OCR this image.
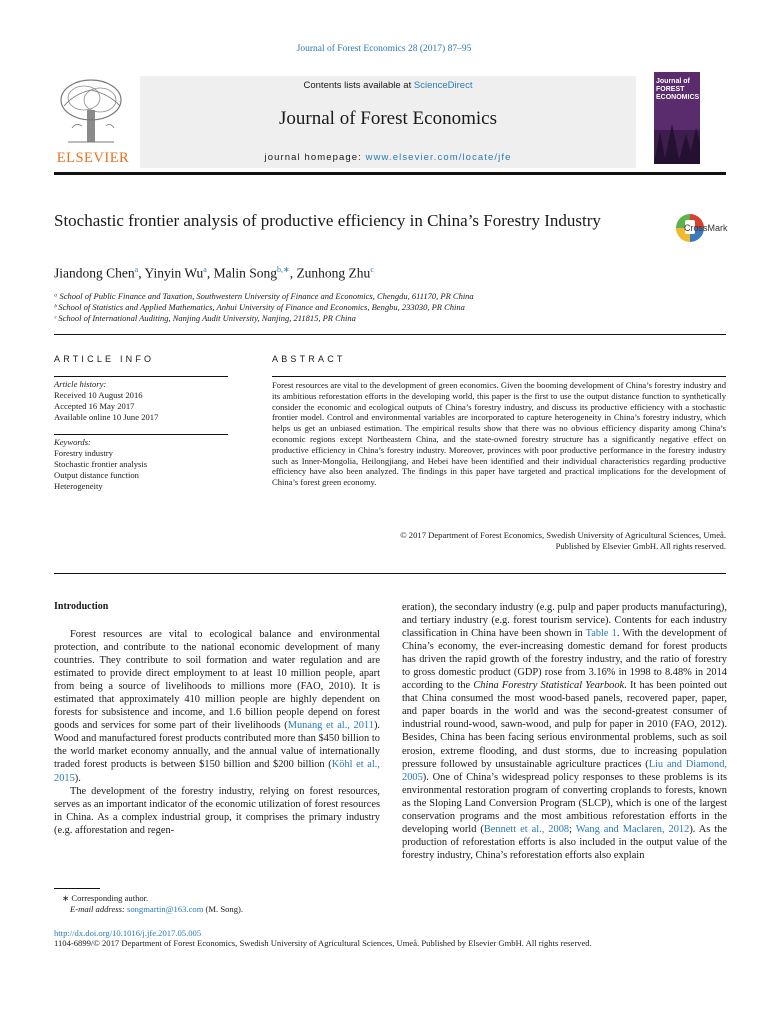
Journal of Forest Economics 28 (2017) 87–95
ELSEVIER
Contents lists available at ScienceDirect
Journal of Forest Economics
journal homepage: www.elsevier.com/locate/jfe
Journal of FOREST ECONOMICS
Stochastic frontier analysis of productive efficiency in China’s Forestry Industry	CrossMark
Jiandong Chen$^a$, Yinyin Wu$^a$, Malin Song$^{b,∗}$, Zunhong Zhu$^c$
ᵃ School of Public Finance and Taxation, Southwestern University of Finance and Economics, Chengdu, 611170, PR China
ᵇ School of Statistics and Applied Mathematics, Anhui University of Finance and Economics, Bengbu, 233030, PR China
ᶜ School of International Auditing, Nanjing Audit University, Nanjing, 211815, PR China
ARTICLE INFO	ABSTRACT
Article history:
Received 10 August 2016
Accepted 16 May 2017
Available online 10 June 2017
Keywords:
Forestry industry
Stochastic frontier analysis
Output distance function
Heterogeneity
Forest resources are vital to the development of green economics. Given the booming development of China’s forestry industry and its ambitious reforestation efforts in the developing world, this paper is the first to use the output distance function to synthetically consider the economic and ecological outputs of China’s forestry industry, and discuss its productive efficiency with a stochastic frontier model. Control and environmental variables are incorporated to capture heterogeneity in China’s forestry industry, which helps us get an unbiased estimation. The empirical results show that there was no obvious efficiency disparity among China’s economic regions except Northeastern China, and the state-owned forestry structure has a significantly negative effect on productive efficiency in China’s forestry industry. Moreover, provinces with poor productive performance in the forestry industry such as Inner-Mongolia, Heilongjiang, and Hebei have been identified and their individual characteristics regarding productive efficiency have also been analyzed. The findings in this paper have targeted and practical implications for the development of China’s forest green economy.
© 2017 Department of Forest Economics, Swedish University of Agricultural Sciences, Umeå.
Published by Elsevier GmbH. All rights reserved.
Introduction

Forest resources are vital to ecological balance and environmental protection, and contribute to the national economic development of many countries. They contribute to soil formation and water regulation and are estimated to provide direct employment to at least 10 million people, apart from being a source of livelihoods to millions more (FAO, 2010). It is estimated that approximately 410 million people are highly dependent on forests for subsistence and income, and 1.6 billion people depend on forest goods and services for some part of their livelihoods (Munang et al., 2011). Wood and manufactured forest products contributed more than $450 billion to the world market economy annually, and the annual value of internationally traded forest products is between $150 billion and $200 billion (Köhl et al., 2015).

The development of the forestry industry, relying on forest resources, serves as an important indicator of the economic utilization of forest resources in China. As a complex industrial group, it comprises the primary industry (e.g. afforestation and regen-

eration), the secondary industry (e.g. pulp and paper products manufacturing), and tertiary industry (e.g. forest tourism service). Contents for each industry classification in China have been shown in Table 1. With the development of China’s economy, the ever-increasing domestic demand for forest products has driven the rapid growth of the forestry industry, and the ratio of forestry to gross domestic product (GDP) rose from 3.16% in 1998 to 8.48% in 2014 according to the China Forestry Statistical Yearbook. It has been pointed out that China consumed the most wood-based panels, recovered paper, paper, and paper boards in the world and was the second-greatest consumer of industrial round-wood, sawn-wood, and pulp for paper in 2010 (FAO, 2012). Besides, China has been facing serious environmental problems, such as soil erosion, extreme flooding, and dust storms, due to increasing population pressure followed by unsustainable agriculture practices (Liu and Diamond, 2005). One of China’s widespread policy responses to these problems is its environmental restoration program of converting croplands to forests, known as the Sloping Land Conversion Program (SLCP), which is one of the largest conservation programs and the most ambitious reforestation efforts in the developing world (Bennett et al., 2008; Wang and Maclaren, 2012). As the production of reforestation efforts is also included in the output value of the forestry industry, China’s reforestation efforts also explain

∗ Corresponding author.
E-mail address: songmartin@163.com (M. Song).
http://dx.doi.org/10.1016/j.jfe.2017.05.005
1104-6899/© 2017 Department of Forest Economics, Swedish University of Agricultural Sciences, Umeå. Published by Elsevier GmbH. All rights reserved.
